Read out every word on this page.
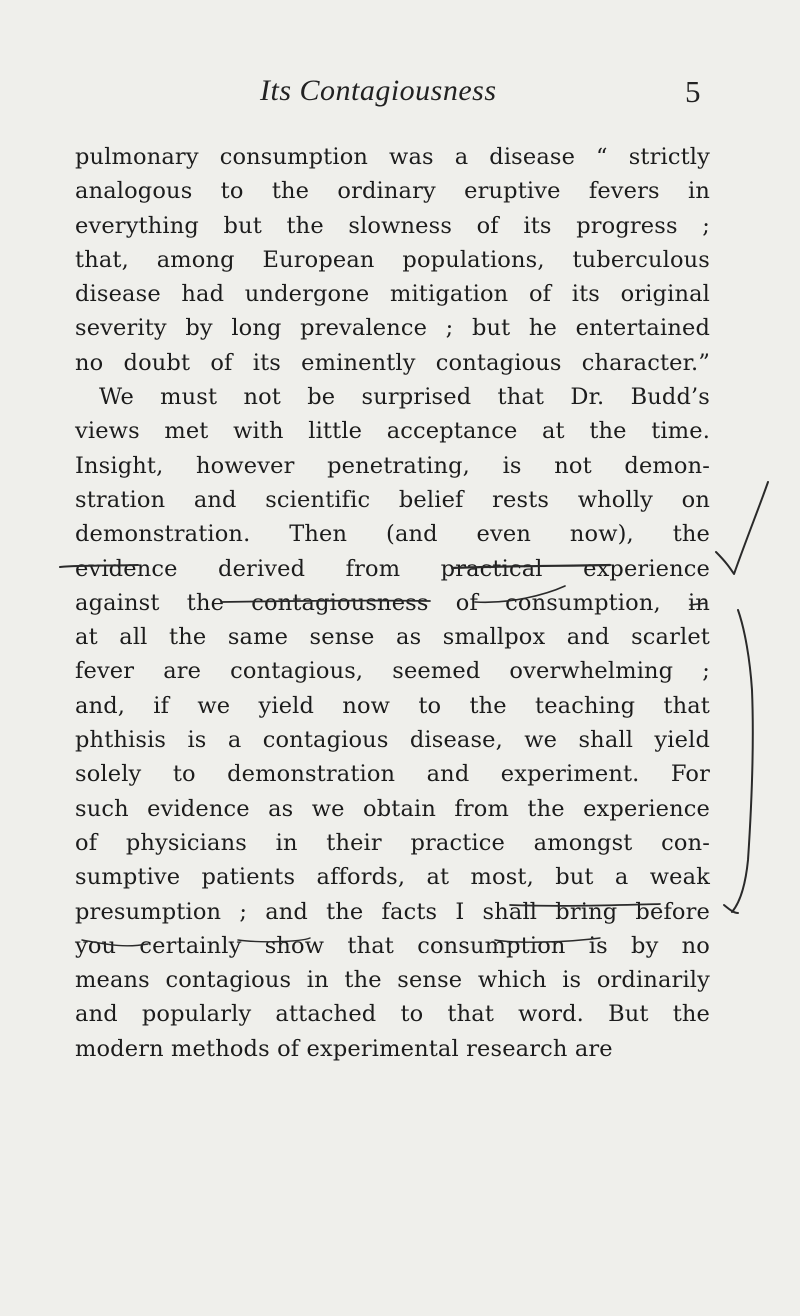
Its Contagiousness	5
pulmonary consumption was a disease “ strictly
analogous to the ordinary eruptive fevers in
everything but the slowness of its progress ;
that, among European populations, tuberculous
disease had undergone mitigation of its original
severity by long prevalence ; but he entertained
no doubt of its eminently contagious character.”
We must not be surprised that Dr. Budd’s
views met with little acceptance at the time.
Insight, however penetrating, is not demon-
stration and scientific belief rests wholly on
demonstration. Then (and even now), the
evidence derived from practical experience
against the contagiousness of consumption, in
at all the same sense as smallpox and scarlet
fever are contagious, seemed overwhelming ;
and, if we yield now to the teaching that
phthisis is a contagious disease, we shall yield
solely to demonstration and experiment. For
such evidence as we obtain from the experience
of physicians in their practice amongst con-
sumptive patients affords, at most, but a weak
presumption ; and the facts I shall bring before
you certainly show that consumption is by no
means contagious in the sense which is ordinarily
and popularly attached to that word. But the
modern methods of experimental research are
